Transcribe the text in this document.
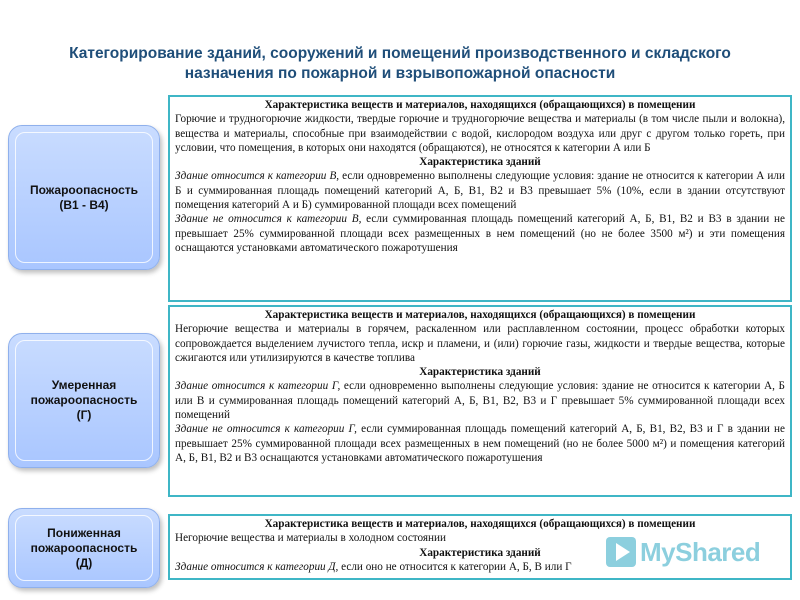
Категорирование зданий, сооружений и помещений производственного и складского назначения по пожарной и взрывопожарной опасности
Пожароопасность
(В1 - В4)
Характеристика веществ и материалов, находящихся (обращающихся) в помещении
Горючие и трудногорючие жидкости, твердые горючие и трудногорючие вещества и материалы (в том числе пыли и волокна), вещества и материалы, способные при взаимодействии с водой, кислородом воздуха или друг с другом только гореть, при условии, что помещения, в которых они находятся (обращаются), не относятся к категории А или Б
Характеристика зданий
Здание относится к категории В, если одновременно выполнены следующие условия: здание не относится к категории А или Б и суммированная площадь помещений категорий А, Б, В1, В2 и В3 превышает 5% (10%, если в здании отсутствуют помещения категорий А и Б) суммированной площади всех помещений
Здание не относится к категории В, если суммированная площадь помещений категорий А, Б, В1, В2 и В3 в здании не превышает 25% суммированной площади всех размещенных в нем помещений (но не более 3500 м²) и эти помещения оснащаются установками автоматического пожаротушения
Умеренная
пожароопасность
(Г)
Характеристика веществ и материалов, находящихся (обращающихся) в помещении
Негорючие вещества и материалы в горячем, раскаленном или расплавленном состоянии, процесс обработки которых сопровождается выделением лучистого тепла, искр и пламени, и (или) горючие газы, жидкости и твердые вещества, которые сжигаются или утилизируются в качестве топлива
Характеристика зданий
Здание относится к категории Г, если одновременно выполнены следующие условия: здание не относится к категории А, Б или В и суммированная площадь помещений категорий А, Б, В1, В2, В3 и Г превышает 5% суммированной площади всех помещений
Здание не относится к категории Г, если суммированная площадь помещений категорий А, Б, В1, В2, В3 и Г в здании не превышает 25% суммированной площади всех размещенных в нем помещений (но не более 5000 м²) и помещения категорий А, Б, В1, В2 и В3 оснащаются установками автоматического пожаротушения
Пониженная
пожароопасность
(Д)
Характеристика веществ и материалов, находящихся (обращающихся) в помещении
Негорючие вещества и материалы в холодном состоянии
Характеристика зданий
Здание относится к категории Д, если оно не относится к категории А, Б, В или Г
MyShared
